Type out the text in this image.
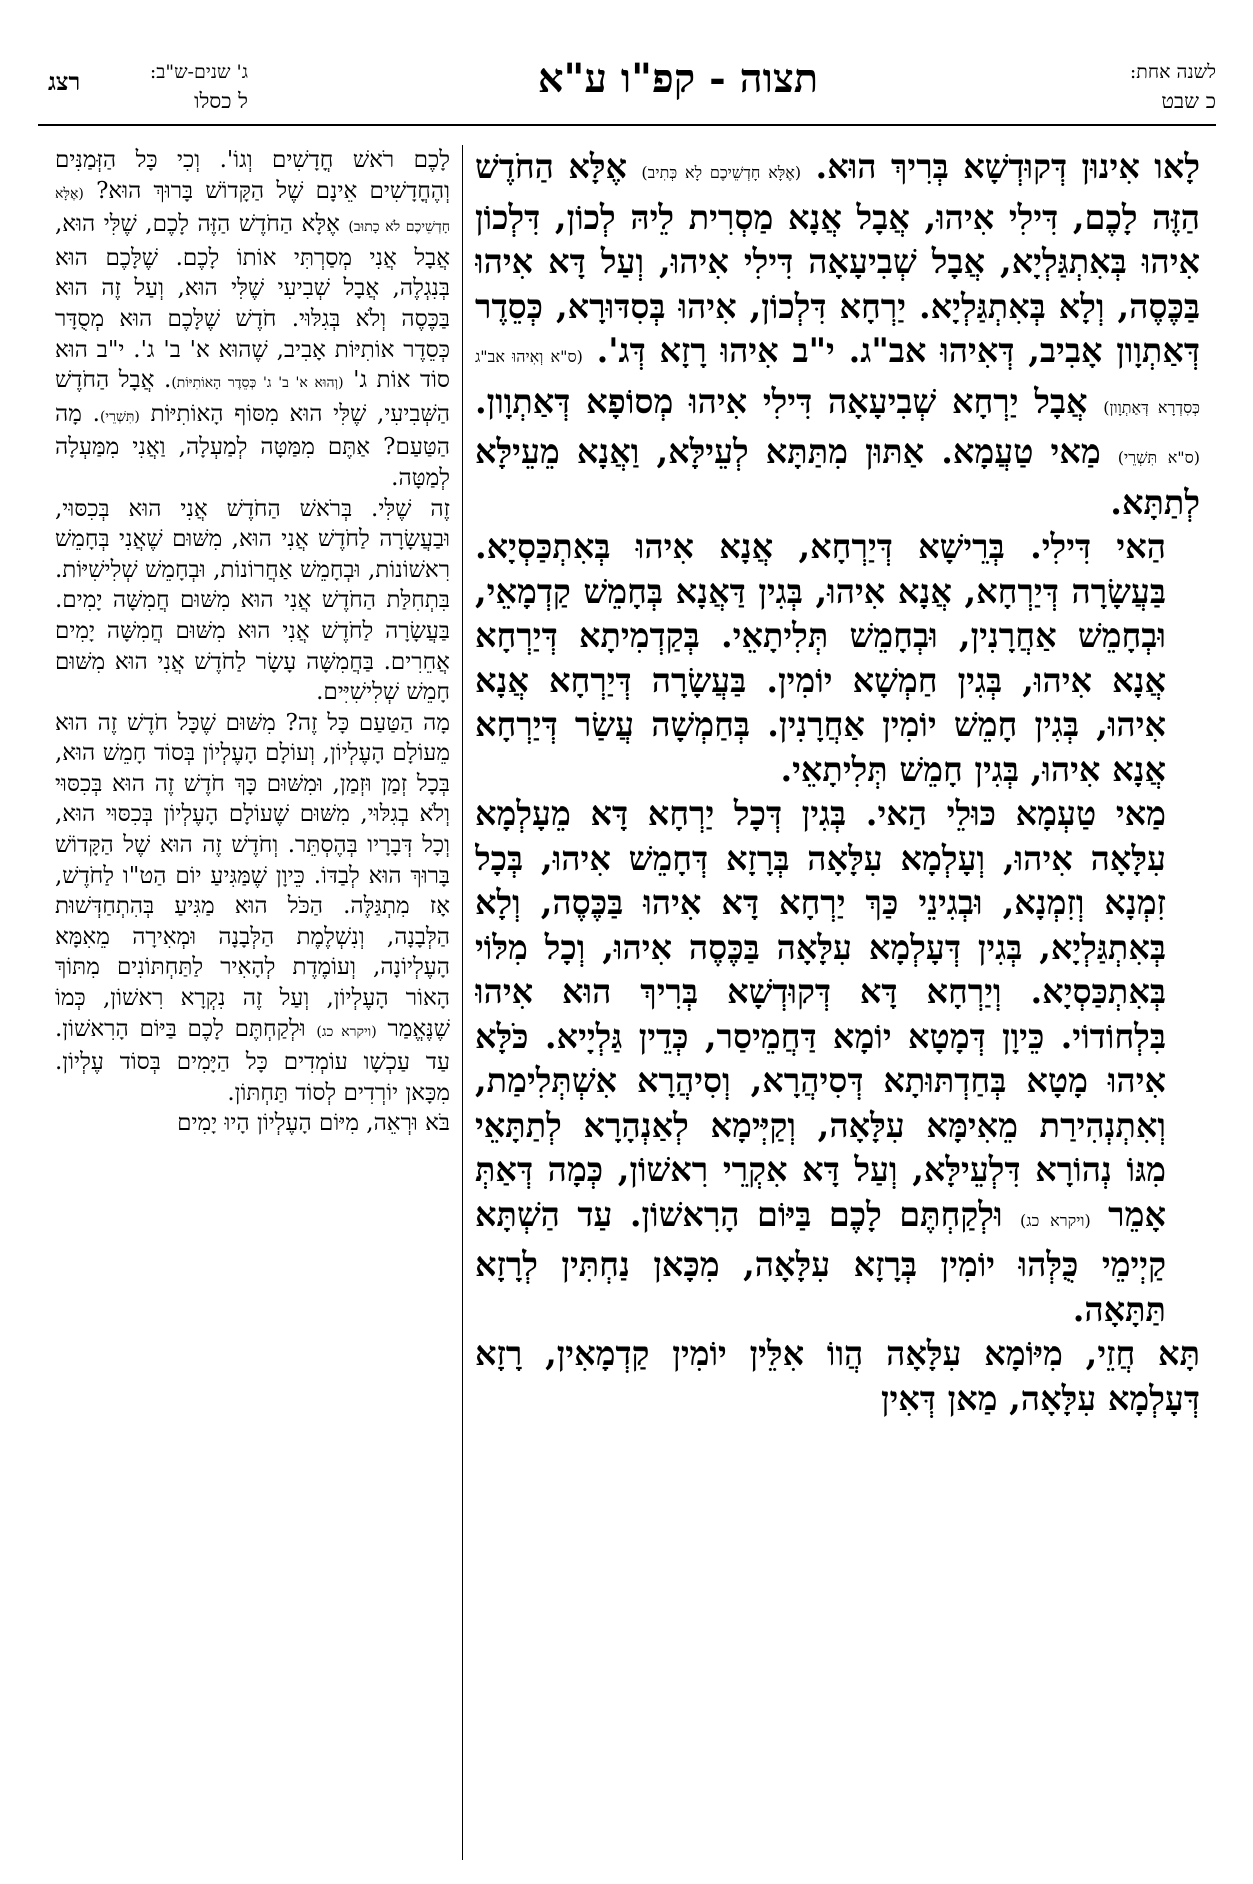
לשנה אחת:
כ שבט
תצוה - קפ"ו ע"א
ג' שנים-ש"ב:
ל כסלו
רצג

לָאו אִינוּן דְּקוּדְשָׁא בְּרִיךְ הוּא. (אֶלָּא חָדְשֵׁיכֶם לָא כְּתִיב) אֶלָּא הַחֹדֶשׁ הַזֶּה לָכֶם, דִּילִי אִיהוּ, אֲבָל אֲנָא מַסְרִית לֵיהּ לְכוֹן, דִּלְכוֹן אִיהוּ בְּאִתְגַּלְיָא, אֲבָל שְׁבִיעָאָה דִּילִי אִיהוּ, וְעַל דָּא אִיהוּ בַּכֶּסֶה, וְלָא בְּאִתְגַּלְיָא. יַרְחָא דִּלְכוֹן, אִיהוּ בְּסִדּוּרָא, כְּסֵדֶר דְּאַתְוָון אָבִיב, דְּאִיהוּ אב"ג. י"ב אִיהוּ רָזָא דְּג'. (ס"א וְאִיהוּ אב"ג כְּסִדְרָא דְּאַתְוָון) אֲבָל יַרְחָא שְׁבִיעָאָה דִּילִי אִיהוּ מְסוֹפָא דְּאַתְוָון. (ס"א תִּשְׁרֵי) מַאי טַעֲמָא. אַתּוּן מִתַּתָּא לְעֵילָּא, וַאֲנָא מֵעֵילָּא לְתַתָּא.

הַאי דִּילִי. בְּרֵישָׁא דְּיַרְחָא, אֲנָא אִיהוּ בְּאִתְכַּסְיָא. בַּעֲשָׂרָה דְּיַרְחָא, אֲנָא אִיהוּ, בְּגִין דַּאֲנָא בְּחָמֵשׁ קַדְמָאֵי, וּבְחָמֵשׁ אַחֲרָנִין, וּבְחָמֵשׁ תְּלִיתָאֵי. בְּקַדְמִיתָא דְּיַרְחָא אֲנָא אִיהוּ, בְּגִין חַמְשָׁא יוֹמִין. בַּעֲשָׂרָה דְּיַרְחָא אֲנָא אִיהוּ, בְּגִין חָמֵשׁ יוֹמִין אַחֲרָנִין. בְּחַמְשָׁה עֲשַׂר דְּיַרְחָא אֲנָא אִיהוּ, בְּגִין חָמֵשׁ תְּלִיתָאֵי.

מַאי טַעְמָא כּוּלֵי הַאי. בְּגִין דְּכָל יַרְחָא דָּא מֵעָלְמָא עִלָּאָה אִיהוּ, וְעָלְמָא עִלָּאָה בְּרָזָא דְּחָמֵשׁ אִיהוּ, בְּכָל זִמְנָא וְזִמְנָא, וּבְגִינֵי כַּךְ יַרְחָא דָּא אִיהוּ בַּכֶּסֶה, וְלָא בְּאִתְגַּלְיָא, בְּגִין דְּעָלְמָא עִלָּאָה בַּכֶּסֶה אִיהוּ, וְכָל מִלּוֹי בְּאִתְכַּסְיָא. וְיַרְחָא דָּא דְּקוּדְשָׁא בְּרִיךְ הוּא אִיהוּ בִּלְחוֹדוֹי. כֵּיוָן דְּמָטָא יוֹמָא דַּחֲמֵיסַר, כְּדֵין גַּלְיָיא. כֹּלָּא אִיהוּ מָטָא בְּחַדְתּוּתָא דְּסִיהֲרָא, וְסִיהֲרָא אִשְׁתְּלִימַת, וְאִתְנְהִירַת מֵאִימָּא עִלָּאָה, וְקַיְּימָא לְאַנְהָרָא לְתַתָּאֵי מִגּוֹ נְהוֹרָא דִּלְעֵילָּא, וְעַל דָּא אִקְרֵי רִאשׁוֹן, כְּמָה דְּאַתְּ אָמֵר (ויקרא כג) וּלְקַחְתֶּם לָכֶם בַּיּוֹם הָרִאשׁוֹן. עַד הַשְׁתָּא קַיְימֵי כֻּלְּהוּ יוֹמִין בְּרָזָא עִלָּאָה, מִכָּאן נַחְתִּין לְרָזָא תַּתָּאָה.

תָּא חֲזֵי, מִיּוֹמָא עִלָּאָה הֲווֹ אִלֵּין יוֹמִין קַדְמָאִין, רָזָא דְּעָלְמָא עִלָּאָה, מַאן דְּאִין

לָכֶם רֹאשׁ חֳדָשִׁים וְגוֹ'. וְכִי כָּל הַזְּמַנִּים וְהֶחֳדָשִׁים אֵינָם שֶׁל הַקָּדוֹשׁ בָּרוּךְ הוּא? (אֶלָּא חָדְשֵׁיכֶם לֹא כָתוּב) אֶלָּא הַחֹדֶשׁ הַזֶּה לָכֶם, שֶׁלִּי הוּא, אֲבָל אֲנִי מְסַרְתִּי אוֹתוֹ לָכֶם. שֶׁלָּכֶם הוּא בְּנִגְלֶה, אֲבָל שְׁבִיעִי שֶׁלִּי הוּא, וְעַל זֶה הוּא בַּכֶּסֶה וְלֹא בְּגִלּוּי. חֹדֶשׁ שֶׁלָּכֶם הוּא מְסֻדָּר כְּסֵדֶר אוֹתִיּוֹת אָבִיב, שֶׁהוּא א' ב' ג'. י"ב הוּא סוֹד אוֹת ג' (וְהוּא א' ב' ג' כְּסֵדֶר הָאוֹתִיּוֹת). אֲבָל הַחֹדֶשׁ הַשְּׁבִיעִי, שֶׁלִּי הוּא מִסּוֹף הָאוֹתִיּוֹת (תִּשְׁרֵי). מָה הַטַּעַם? אַתֶּם מִמַּטָּה לְמַעְלָה, וַאֲנִי מִמַּעְלָה לְמַטָּה.

זֶה שֶׁלִּי. בְּרֹאשׁ הַחֹדֶשׁ אֲנִי הוּא בְּכִסּוּי, וּבַעֲשָׂרָה לַחֹדֶשׁ אֲנִי הוּא, מִשּׁוּם שֶׁאֲנִי בְּחָמֵשׁ רִאשׁוֹנוֹת, וּבְחָמֵשׁ אַחֲרוֹנוֹת, וּבְחָמֵשׁ שְׁלִישִׁיּוֹת. בִּתְחִלַּת הַחֹדֶשׁ אֲנִי הוּא מִשּׁוּם חֲמִשָּׁה יָמִים. בַּעֲשָׂרָה לַחֹדֶשׁ אֲנִי הוּא מִשּׁוּם חֲמִשָּׁה יָמִים אֲחֵרִים. בַּחֲמִשָּׁה עָשָׂר לַחֹדֶשׁ אֲנִי הוּא מִשּׁוּם חָמֵשׁ שְׁלִישִׁיִּים.

מָה הַטַּעַם כָּל זֶה? מִשּׁוּם שֶׁכָּל חֹדֶשׁ זֶה הוּא מֵעוֹלָם הָעֶלְיוֹן, וְעוֹלָם הָעֶלְיוֹן בְּסוֹד חָמֵשׁ הוּא, בְּכָל זְמַן וּזְמַן, וּמִשּׁוּם כָּךְ חֹדֶשׁ זֶה הוּא בְּכִסּוּי וְלֹא בְגִלּוּי, מִשּׁוּם שֶׁעוֹלָם הָעֶלְיוֹן בְּכִסּוּי הוּא, וְכָל דְּבָרָיו בְּהֶסְתֵּר. וְחֹדֶשׁ זֶה הוּא שֶׁל הַקָּדוֹשׁ בָּרוּךְ הוּא לְבַדּוֹ. כֵּיוָן שֶׁמַּגִּיעַ יוֹם הַט"ו לַחֹדֶשׁ, אָז מִתְגַּלֶּה. הַכֹּל הוּא מַגִּיעַ בְּהִתְחַדְּשׁוּת הַלְּבָנָה, וְנִשְׁלֶמֶת הַלְּבָנָה וּמְאִירָה מֵאִמָּא הָעֶלְיוֹנָה, וְעוֹמֶדֶת לְהָאִיר לַתַּחְתּוֹנִים מִתּוֹךְ הָאוֹר הָעֶלְיוֹן, וְעַל זֶה נִקְרָא רִאשׁוֹן, כְּמוֹ שֶׁנֶּאֱמַר (ויקרא כג) וּלְקַחְתֶּם לָכֶם בַּיּוֹם הָרִאשׁוֹן. עַד עַכְשָׁו עוֹמְדִים כָּל הַיָּמִים בְּסוֹד עֶלְיוֹן. מִכָּאן יוֹרְדִים לְסוֹד תַּחְתּוֹן.

בֹּא וּרְאֵה, מִיּוֹם הָעֶלְיוֹן הָיוּ יָמִים
